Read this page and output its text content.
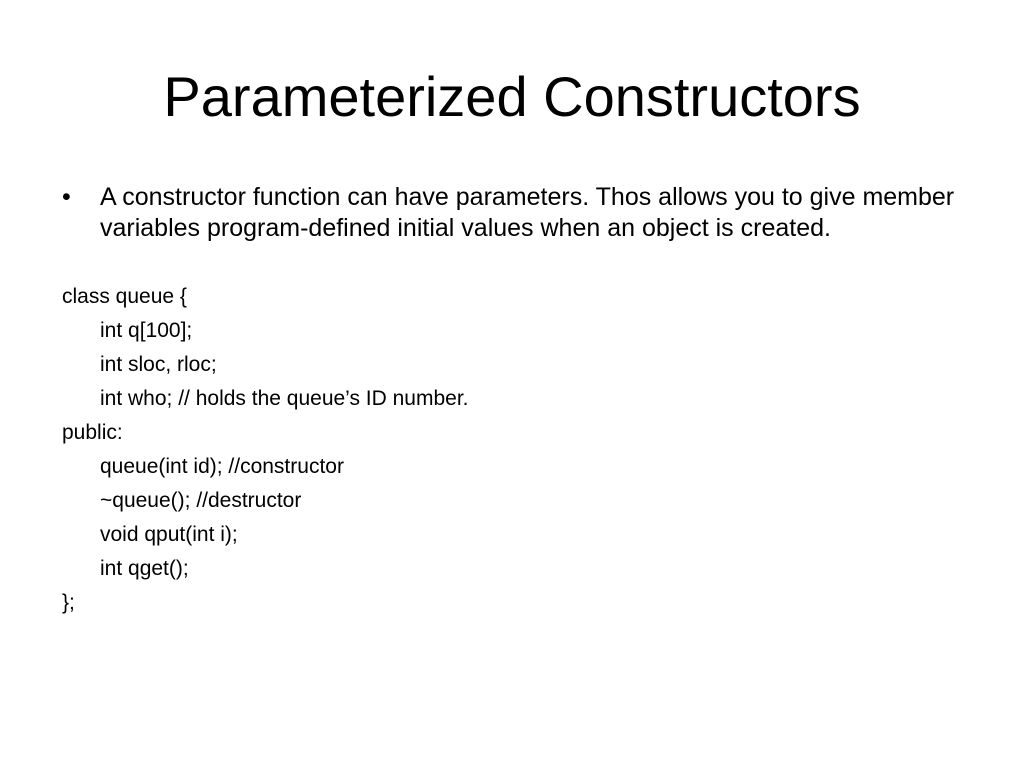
Parameterized Constructors
• A constructor function can have parameters. Thos allows you to give member variables program-defined initial values when an object is created.
class queue {
int q[100];
int sloc, rloc;
int who; // holds the queue’s ID number.
public:
queue(int id); //constructor
~queue(); //destructor
void qput(int i);
int qget();
};
